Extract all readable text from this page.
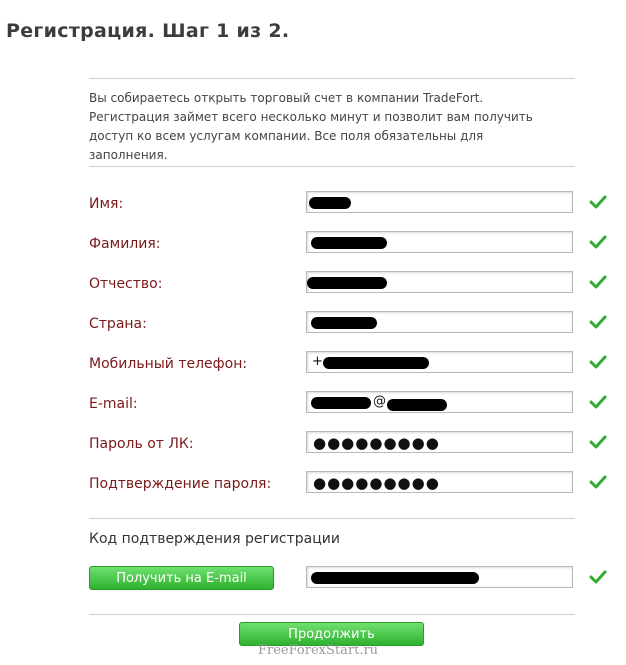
Регистрация. Шаг 1 из 2.
Вы собираетесь открыть торговый счет в компании TradeFort. Регистрация займет всего несколько минут и позволит вам получить доступ ко всем услугам компании. Все поля обязательны для заполнения.
Имя:
Фамилия:
Отчество:
Страна:
Мобильный телефон:	+
E-mail:	@
Пароль от ЛК:	●●●●●●●●●
Подтверждение пароля:	●●●●●●●●●
Код подтверждения регистрации
Получить на E-mail
Продолжить
FreeForexStart.ru
